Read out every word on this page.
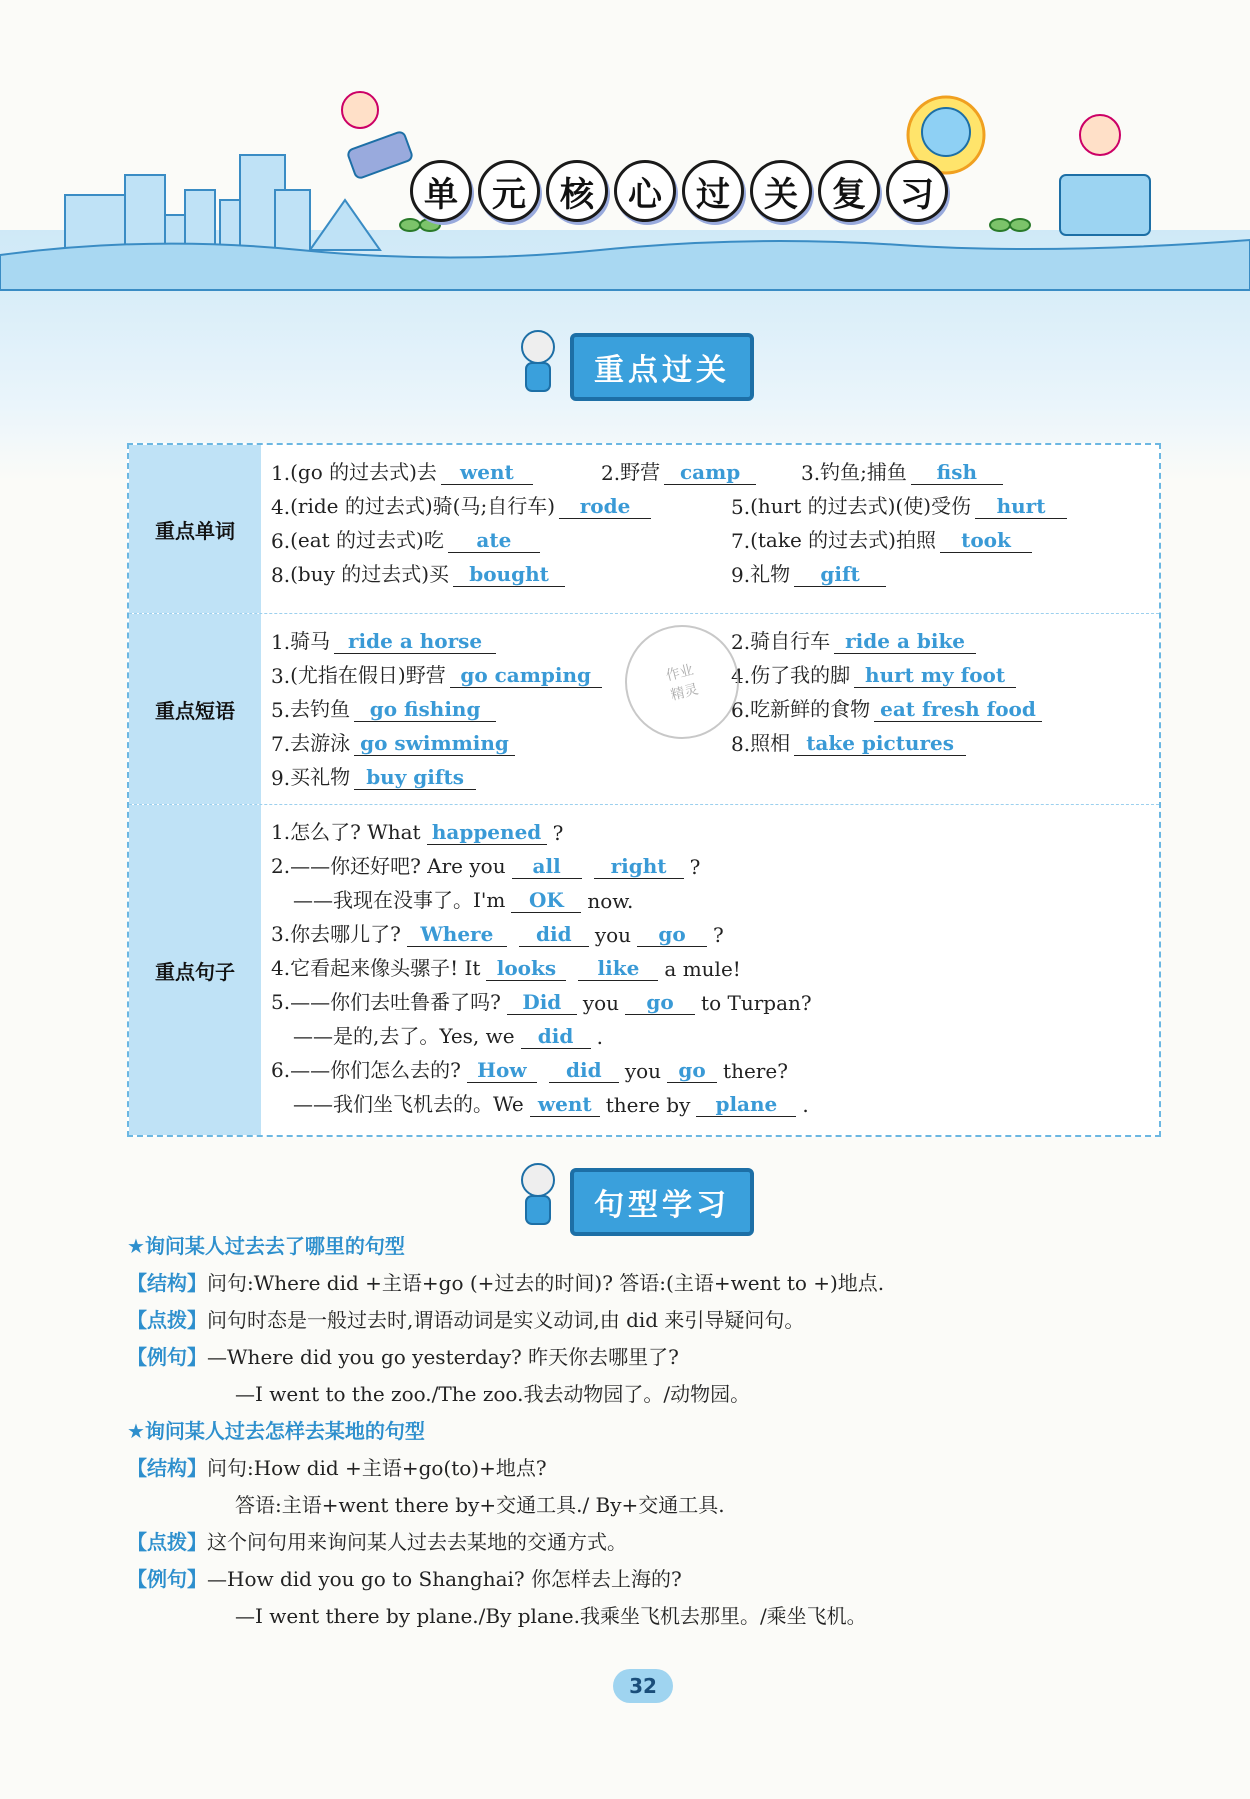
单	元	核	心	过	关	复	习
重点过关
重点单词
1. (go 的过去式)去	went	2. 野营 camp	3. 钓鱼;捕鱼	fish
4. (ride 的过去式)骑(马;自行车)	rode	5. (hurt 的过去式)(使)受伤	hurt
6. (eat 的过去式)吃	ate	7. (take 的过去式)拍照	took
8. (buy 的过去式)买	bought	9. 礼物	gift
重点短语
1. 骑马 ride a horse	2. 骑自行车 ride a bike
3. (尤指在假日)野营 go camping	4. 伤了我的脚 hurt my foot
5. 去钓鱼 go fishing	6. 吃新鲜的食物 eat fresh food
7. 去游泳 go swimming	8. 照相 take pictures
9. 买礼物 buy gifts
重点句子
1.怎么了? What happened ?
2.——你还好吧? Are you	all	right	?
——我现在没事了。I'm	OK	now.
3.你去哪儿了? Where	did	you	go	?
4.它看起来像头骡子! It looks	like	a mule!
5.——你们去吐鲁番了吗?	Did	you	go	to Turpan?
——是的,去了。Yes, we	did	.
6.——你们怎么去的? How	did	you go there?
——我们坐飞机去的。We went there by	plane	.
作业
精灵
句型学习
★询问某人过去去了哪里的句型
【结构】问句:Where did +主语+go (+过去的时间)? 答语:(主语+went to +)地点.
【点拨】问句时态是一般过去时,谓语动词是实义动词,由 did 来引导疑问句。
【例句】—Where did you go yesterday? 昨天你去哪里了?
—I went to the zoo./The zoo.我去动物园了。/动物园。
★询问某人过去怎样去某地的句型
【结构】问句:How did +主语+go(to)+地点?
答语:主语+went there by+交通工具./ By+交通工具.
【点拨】这个问句用来询问某人过去去某地的交通方式。
【例句】—How did you go to Shanghai? 你怎样去上海的?
—I went there by plane./By plane.我乘坐飞机去那里。/乘坐飞机。
32
